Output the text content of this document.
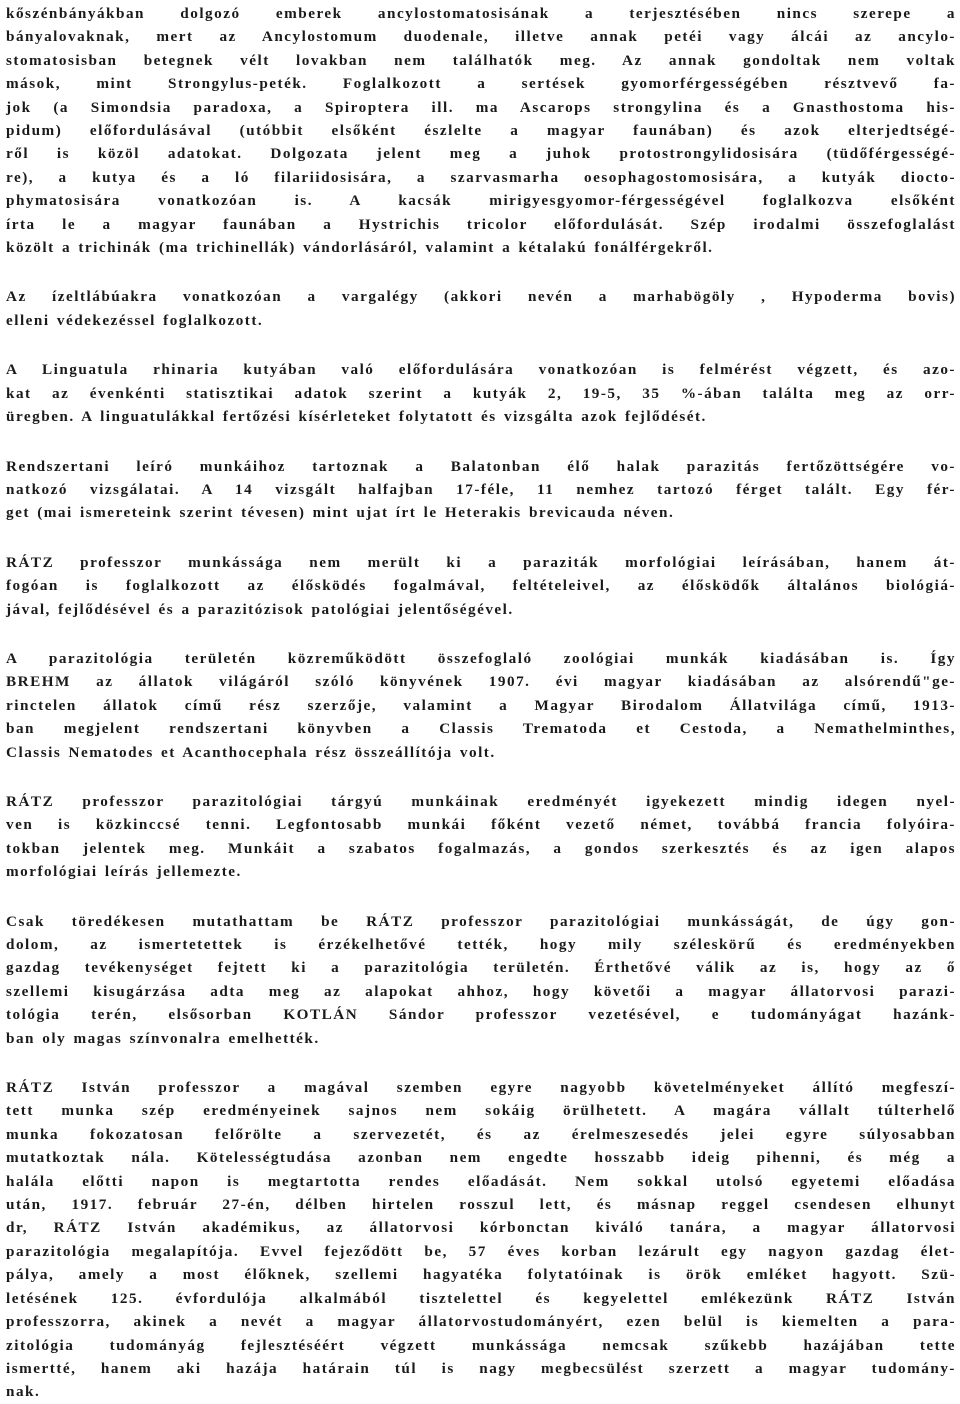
kőszénbányákban dolgozó emberek ancylostomatosisának a terjesztésében nincs szerepe a
bányalovaknak, mert az Ancylostomum duodenale, illetve annak petéi vagy álcái az ancylo-
stomatosisban betegnek vélt lovakban nem találhatók meg. Az annak gondoltak nem voltak
mások, mint Strongylus-peték. Foglalkozott a sertések gyomorférgességében résztvevő fa-
jok (a Simondsia paradoxa, a Spiroptera ill. ma Ascarops strongylina és a Gnasthostoma his-
pidum) előfordulásával (utóbbit elsőként észlelte a magyar faunában) és azok elterjedtségé-
ről is közöl adatokat. Dolgozata jelent meg a juhok protostrongylidosisára (tüdőférgességé-
re), a kutya és a ló filariidosisára, a szarvasmarha oesophagostomosisára, a kutyák diocto-
phymatosisára vonatkozóan is. A kacsák mirigyesgyomor-férgességével foglalkozva elsőként
írta le a magyar faunában a Hystrichis tricolor előfordulását. Szép irodalmi összefoglalást
közölt a trichinák (ma trichinellák) vándorlásáról, valamint a kétalakú fonálférgekről.
Az ízeltlábúakra vonatkozóan a vargalégy (akkori nevén a marhabögöly , Hypoderma bovis)
elleni védekezéssel foglalkozott.
A Linguatula rhinaria kutyában való előfordulására vonatkozóan is felmérést végzett, és azo-
kat az évenkénti statisztikai adatok szerint a kutyák 2, 19-5, 35 %-ában találta meg az orr-
üregben. A linguatulákkal fertőzési kísérleteket folytatott és vizsgálta azok fejlődését.
Rendszertani leíró munkáihoz tartoznak a Balatonban élő halak parazitás fertőzöttségére vo-
natkozó vizsgálatai. A 14 vizsgált halfajban 17-féle, 11 nemhez tartozó férget talált. Egy fér-
get (mai ismereteink szerint tévesen) mint ujat írt le Heterakis brevicauda néven.
RÁTZ professzor munkássága nem merült ki a paraziták morfológiai leírásában, hanem át-
fogóan is foglalkozott az élősködés fogalmával, feltételeivel, az élősködők általános biológiá-
jával, fejlődésével és a parazitózisok patológiai jelentőségével.
A parazitológia területén közreműködött összefoglaló zoológiai munkák kiadásában is. Így
BREHM az állatok világáról szóló könyvének 1907. évi magyar kiadásában az alsórendű"ge-
rinctelen állatok című rész szerzője, valamint a Magyar Birodalom Állatvilága című, 1913-
ban megjelent rendszertani könyvben a Classis Trematoda et Cestoda, a Nemathelminthes,
Classis Nematodes et Acanthocephala rész összeállítója volt.
RÁTZ professzor parazitológiai tárgyú munkáinak eredményét igyekezett mindig idegen nyel-
ven is közkinccsé tenni. Legfontosabb munkái főként vezető német, továbbá francia folyóira-
tokban jelentek meg. Munkáit a szabatos fogalmazás, a gondos szerkesztés és az igen alapos
morfológiai leírás jellemezte.
Csak töredékesen mutathattam be RÁTZ professzor parazitológiai munkásságát, de úgy gon-
dolom, az ismertetettek is érzékelhetővé tették, hogy mily széleskörű és eredményekben
gazdag tevékenységet fejtett ki a parazitológia területén. Érthetővé válik az is, hogy az ő
szellemi kisugárzása adta meg az alapokat ahhoz, hogy követői a magyar állatorvosi parazi-
tológia terén, elsősorban KOTLÁN Sándor professzor vezetésével, e tudományágat hazánk-
ban oly magas színvonalra emelhették.
RÁTZ István professzor a magával szemben egyre nagyobb követelményeket állító megfeszí-
tett munka szép eredményeinek sajnos nem sokáig örülhetett. A magára vállalt túlterhelő
munka fokozatosan felőrölte a szervezetét, és az érelmeszesedés jelei egyre súlyosabban
mutatkoztak nála. Kötelességtudása azonban nem engedte hosszabb ideig pihenni, és még a
halála előtti napon is megtartotta rendes előadását. Nem sokkal utolsó egyetemi előadása
után, 1917. február 27-én, délben hirtelen rosszul lett, és másnap reggel csendesen elhunyt
dr, RÁTZ István akadémikus, az állatorvosi kórbonctan kiváló tanára, a magyar állatorvosi
parazitológia megalapítója. Evvel fejeződött be, 57 éves korban lezárult egy nagyon gazdag élet-
pálya, amely a most élőknek, szellemi hagyatéka folytatóinak is örök emléket hagyott. Szü-
letésének 125. évfordulója alkalmából tisztelettel és kegyelettel emlékezünk RÁTZ István
professzorra, akinek a nevét a magyar állatorvostudományért, ezen belül is kiemelten a para-
zitológia tudományág fejlesztéséért végzett munkássága nemcsak szűkebb hazájában tette
ismertté, hanem aki hazája határain túl is nagy megbecsülést szerzett a magyar tudomány-
nak.
